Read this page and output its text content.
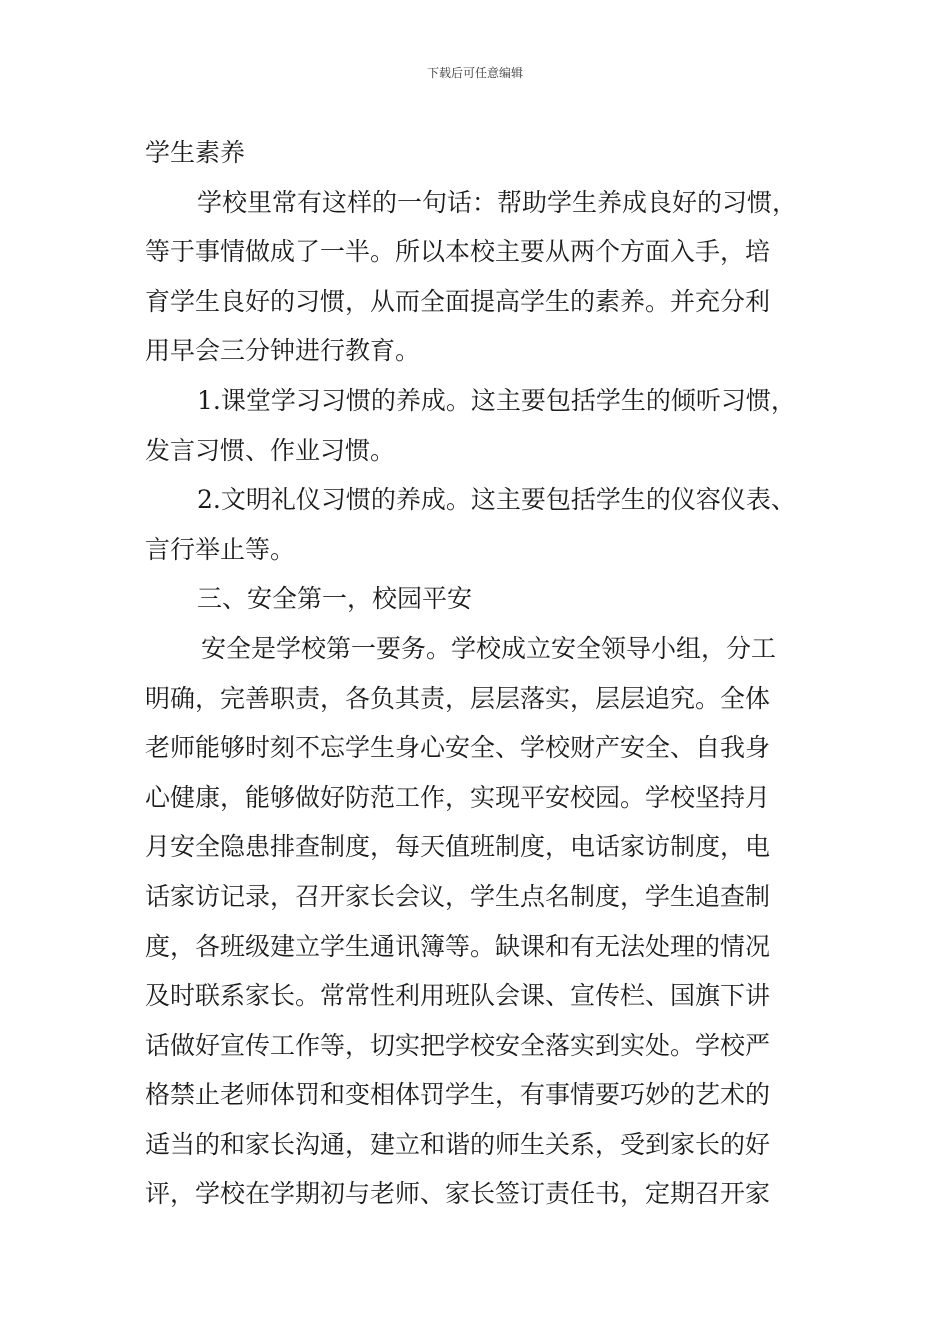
下载后可任意编辑
学生素养
学校里常有这样的一句话：帮助学生养成良好的习惯，
等于事情做成了一半。所以本校主要从两个方面入手，培
育学生良好的习惯，从而全面提高学生的素养。并充分利
用早会三分钟进行教育。
1.课堂学习习惯的养成。这主要包括学生的倾听习惯，
发言习惯、作业习惯。
2.文明礼仪习惯的养成。这主要包括学生的仪容仪表、
言行举止等。
三、安全第一，校园平安
安全是学校第一要务。学校成立安全领导小组，分工
明确，完善职责，各负其责，层层落实，层层追究。全体
老师能够时刻不忘学生身心安全、学校财产安全、自我身
心健康，能够做好防范工作，实现平安校园。学校坚持月
月安全隐患排查制度，每天值班制度，电话家访制度，电
话家访记录，召开家长会议，学生点名制度，学生追查制
度，各班级建立学生通讯簿等。缺课和有无法处理的情况
及时联系家长。常常性利用班队会课、宣传栏、国旗下讲
话做好宣传工作等，切实把学校安全落实到实处。学校严
格禁止老师体罚和变相体罚学生，有事情要巧妙的艺术的
适当的和家长沟通，建立和谐的师生关系，受到家长的好
评，学校在学期初与老师、家长签订责任书，定期召开家
